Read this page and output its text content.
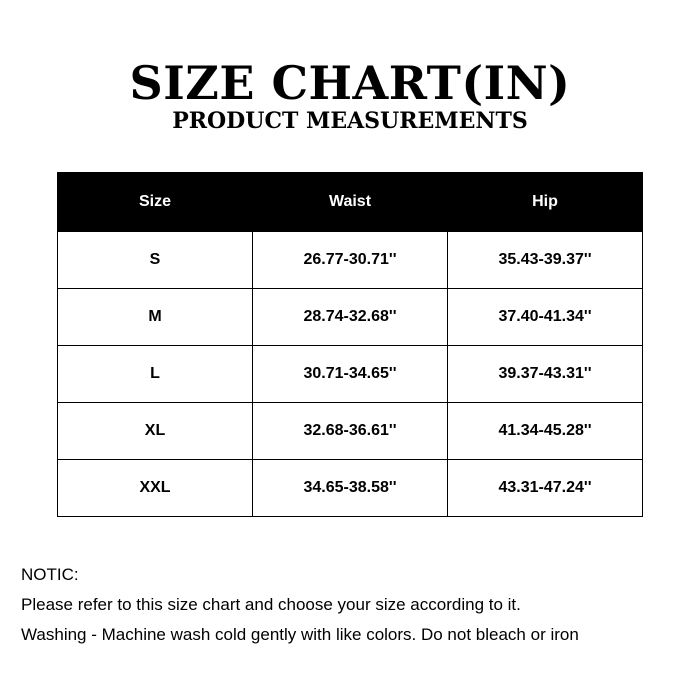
SIZE CHART(IN)
PRODUCT MEASUREMENTS
Size	Waist	Hip
S	26.77-30.71''	35.43-39.37''
M	28.74-32.68''	37.40-41.34''
L	30.71-34.65''	39.37-43.31''
XL	32.68-36.61''	41.34-45.28''
XXL	34.65-38.58''	43.31-47.24''
NOTIC:
Please refer to this size chart and choose your size according to it.
Washing - Machine wash cold gently with like colors. Do not bleach or iron
